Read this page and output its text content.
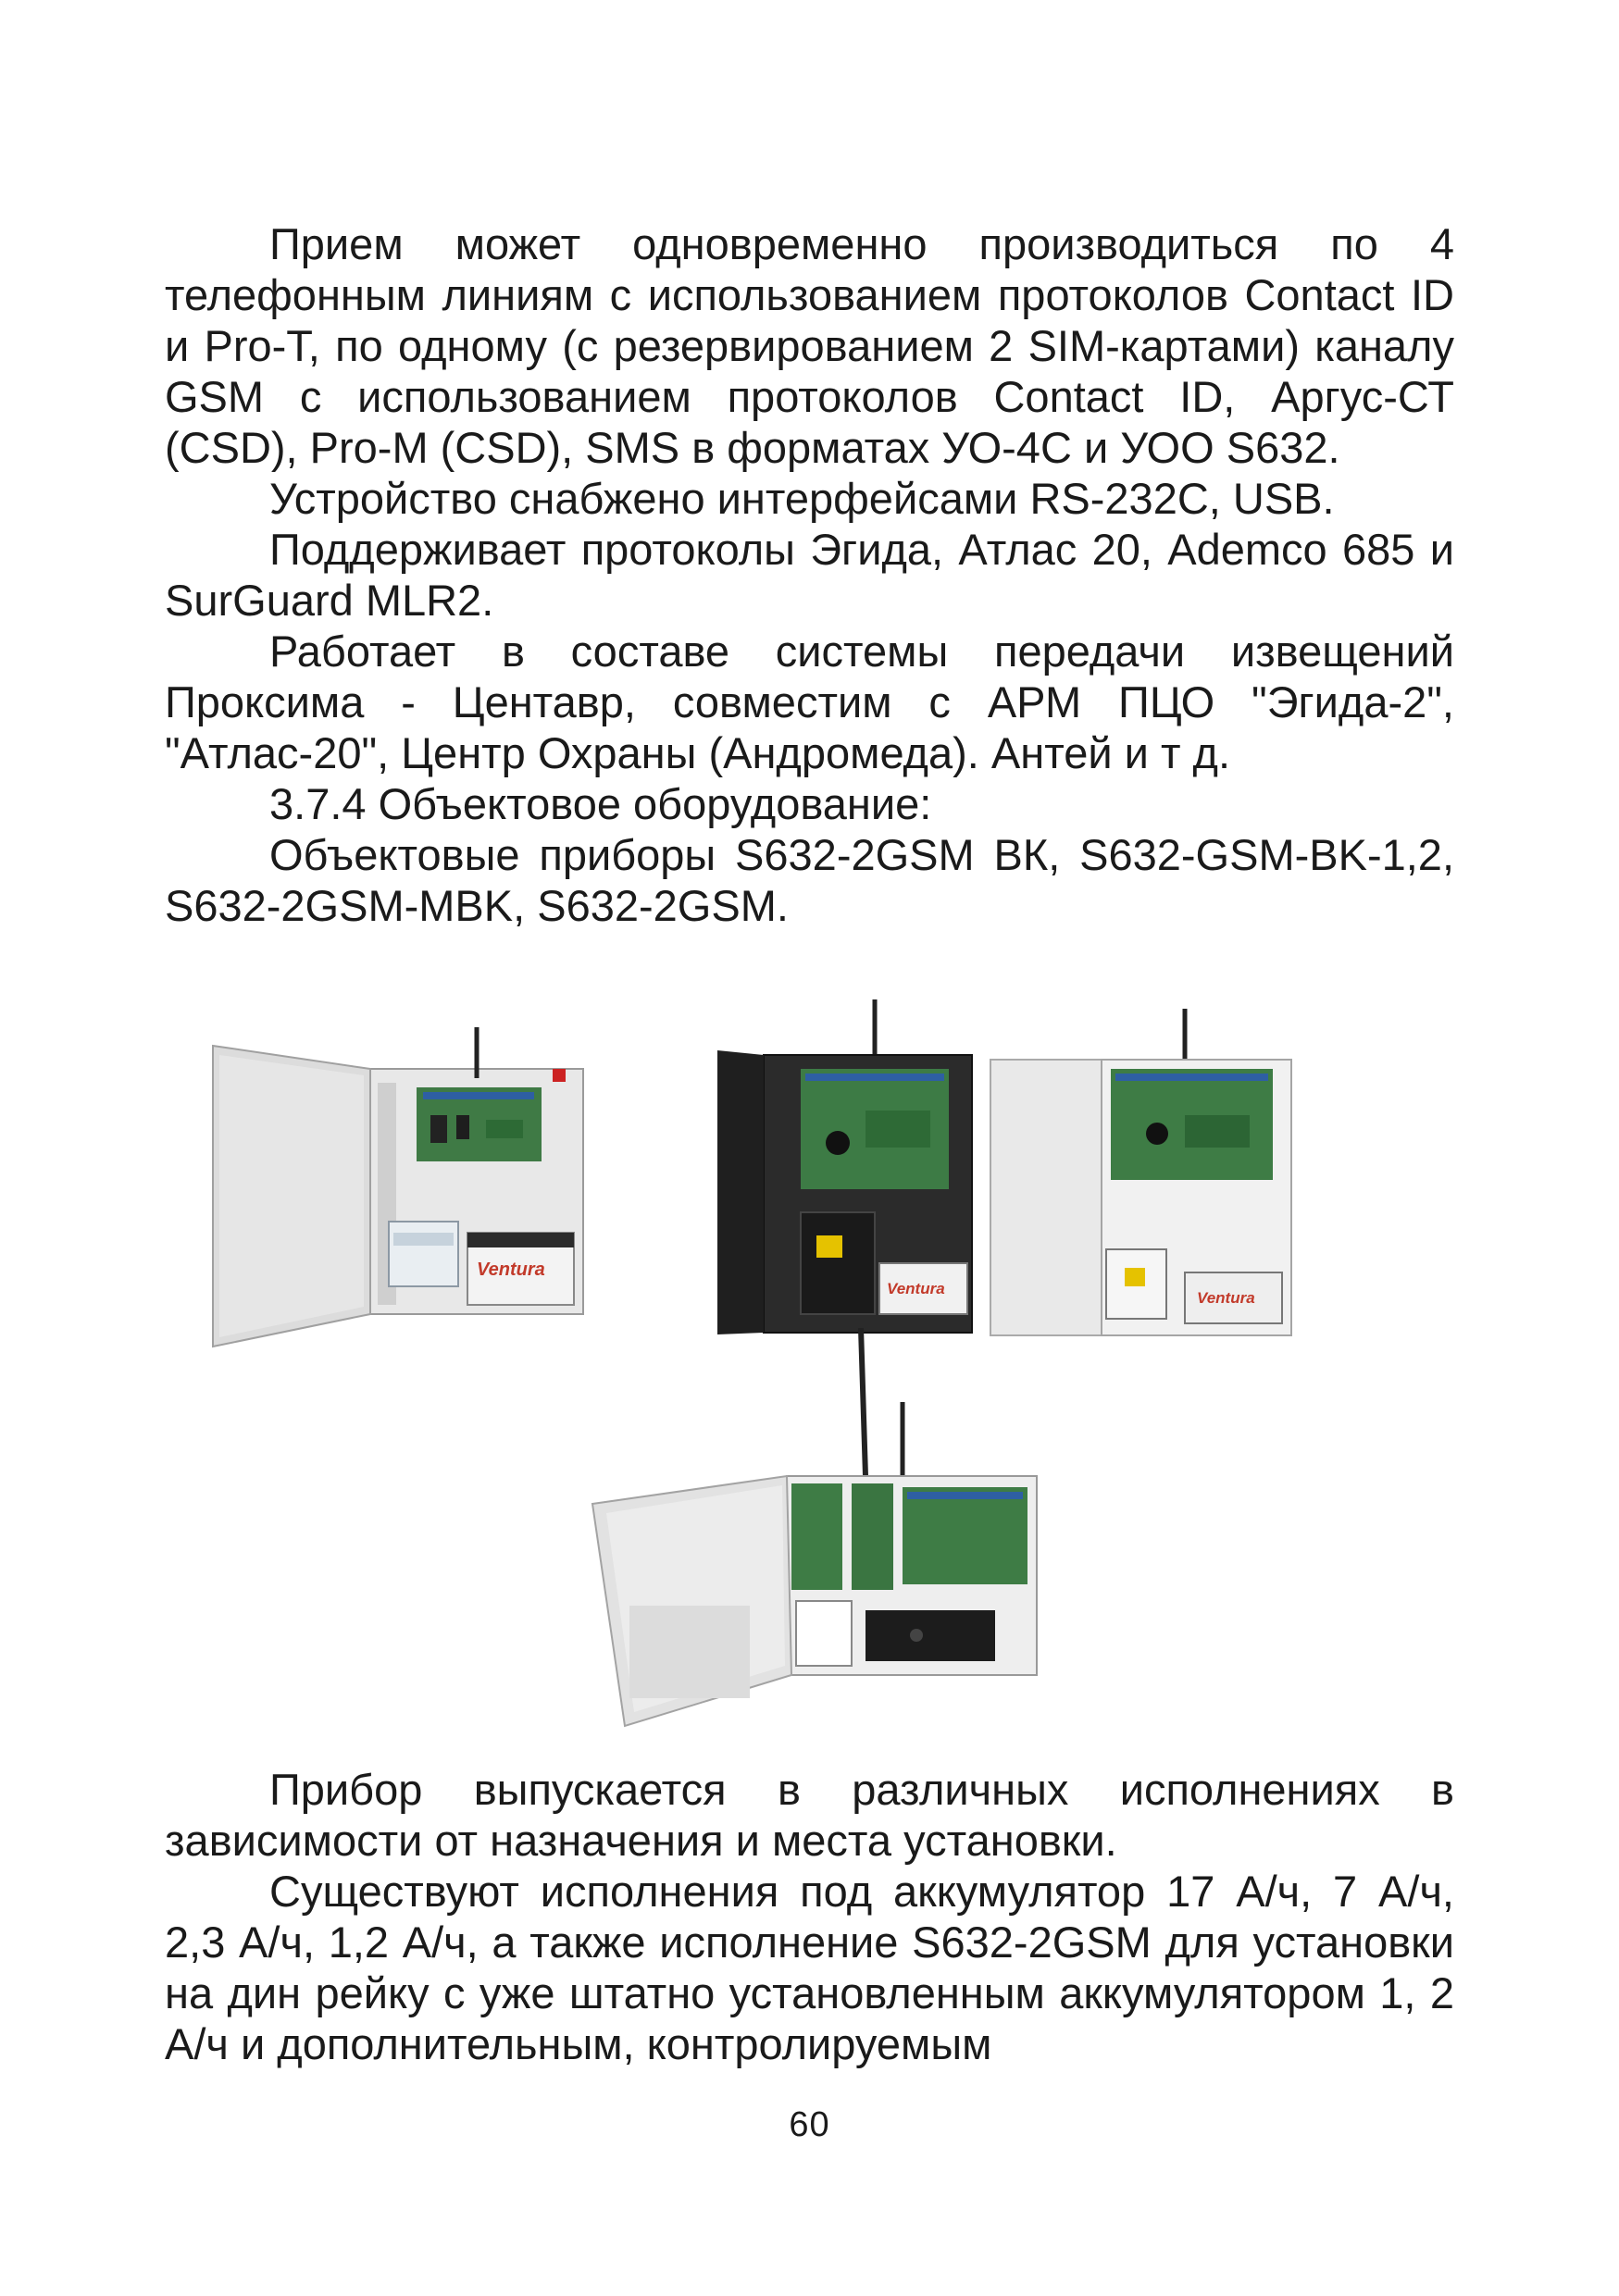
Прием может одновременно производиться по 4 телефонным линиям с использованием протоколов Contact ID и Pro-T, по одному (с резервированием 2 SIM-картами) каналу GSM с использованием протоколов Contact ID, Аргус-СТ (CSD), Pro-M (CSD), SMS в форматах УО-4С и УОО S632.

Устройство снабжено интерфейсами RS-232C, USB.

Поддерживает протоколы Эгида, Атлас 20, Ademco 685 и SurGuard MLR2.

Работает в составе системы передачи извещений Проксима - Центавр, совместим с АРМ ПЦО "Эгида-2", "Атлас-20", Центр Охраны (Андромеда). Антей и т д.

3.7.4 Объектовое оборудование:

Объектовые приборы S632-2GSM ВК, S632-GSM-BK-1,2, S632-2GSM-MBK, S632-2GSM.

Ventura
Ventura
Ventura

Прибор выпускается в различных исполнениях в зависимости от назначения и места установки.

Существуют исполнения под аккумулятор 17 А/ч, 7 А/ч, 2,3 А/ч, 1,2 А/ч, а также исполнение S632-2GSM для установки на дин рейку с уже штатно установленным аккумулятором 1, 2 А/ч и дополнительным, контролируемым

60
